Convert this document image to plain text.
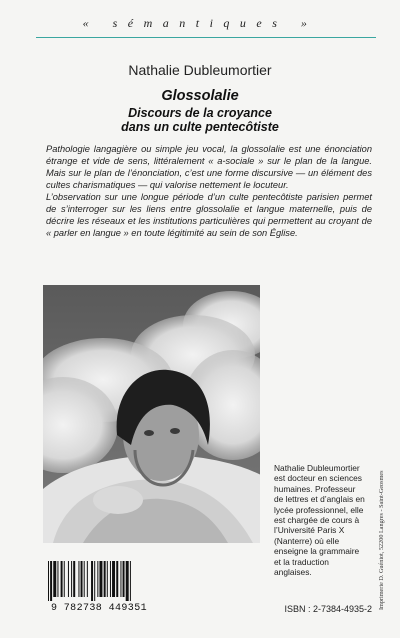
« sémantiques »
Nathalie Dubleumortier
Glossolalie
Discours de la croyance
dans un culte pentecôtiste

Pathologie langagière ou simple jeu vocal, la glossolalie est une énonciation étrange et vide de sens, littéralement « a-sociale » sur le plan de la langue. Mais sur le plan de l’énonciation, c’est une forme discursive — un élément des cultes charismatiques — qui valorise nettement le locuteur.

L’observation sur une longue période d’un culte pentecôtiste parisien permet de s’interroger sur les liens entre glossolalie et langue maternelle, puis de décrire les réseaux et les institutions particulières qui permettent au croyant de « parler en langue » en toute légitimité au sein de son Église.

Nathalie Dubleumortier est docteur en sciences humaines. Professeur de lettres et d’anglais en lycée professionnel, elle est chargée de cours à l’Université Paris X (Nanterre) où elle enseigne la grammaire et la traduction anglaises.	Imprimerie D. Guéniot, 52200 Langres - Saint-Geosmes
9 782738 449351	ISBN : 2-7384-4935-2
